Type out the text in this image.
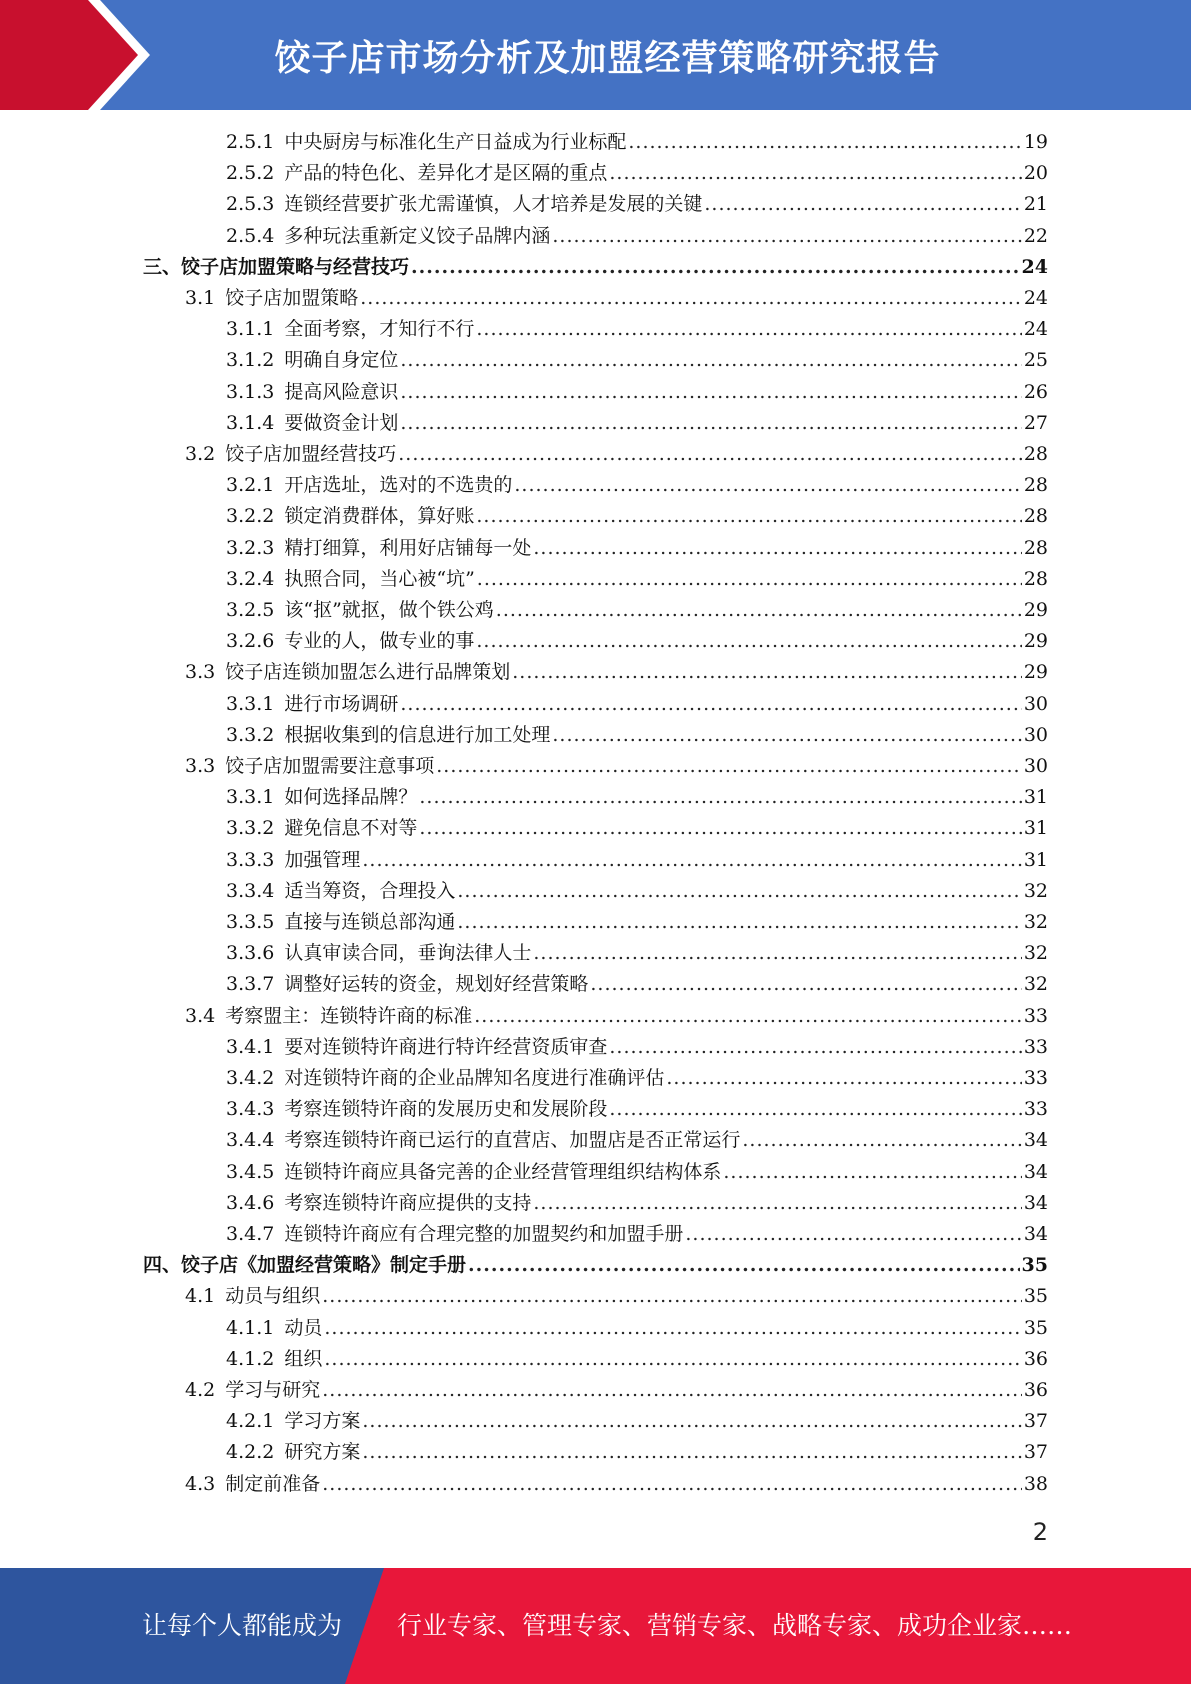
饺子店市场分析及加盟经营策略研究报告
2.5.1 中央厨房与标准化生产日益成为行业标配 .....	19
2.5.2 产品的特色化、差异化才是区隔的重点 .....	20
2.5.3 连锁经营要扩张尤需谨慎，人才培养是发展的关键 .....	21
2.5.4 多种玩法重新定义饺子品牌内涵 .....	22
三、饺子店加盟策略与经营技巧 .....	24
3.1 饺子店加盟策略 .....	24
3.1.1 全面考察，才知行不行 .....	24
3.1.2 明确自身定位 .....	25
3.1.3 提高风险意识 .....	26
3.1.4 要做资金计划 .....	27
3.2 饺子店加盟经营技巧 .....	28
3.2.1 开店选址，选对的不选贵的 .....	28
3.2.2 锁定消费群体，算好账 .....	28
3.2.3 精打细算，利用好店铺每一处 .....	28
3.2.4 执照合同，当心被“坑” .....	28
3.2.5 该“抠”就抠，做个铁公鸡 .....	29
3.2.6 专业的人，做专业的事 .....	29
3.3 饺子店连锁加盟怎么进行品牌策划 .....	29
3.3.1 进行市场调研 .....	30
3.3.2 根据收集到的信息进行加工处理 .....	30
3.3 饺子店加盟需要注意事项 .....	30
3.3.1 如何选择品牌？ .....	31
3.3.2 避免信息不对等 .....	31
3.3.3 加强管理 .....	31
3.3.4 适当筹资，合理投入 .....	32
3.3.5 直接与连锁总部沟通 .....	32
3.3.6 认真审读合同，垂询法律人士 .....	32
3.3.7 调整好运转的资金，规划好经营策略 .....	32
3.4 考察盟主：连锁特许商的标准 .....	33
3.4.1 要对连锁特许商进行特许经营资质审查 .....	33
3.4.2 对连锁特许商的企业品牌知名度进行准确评估 .....	33
3.4.3 考察连锁特许商的发展历史和发展阶段 .....	33
3.4.4 考察连锁特许商已运行的直营店、加盟店是否正常运行 .....	34
3.4.5 连锁特许商应具备完善的企业经营管理组织结构体系 .....	34
3.4.6 考察连锁特许商应提供的支持 .....	34
3.4.7 连锁特许商应有合理完整的加盟契约和加盟手册 .....	34
四、饺子店《加盟经营策略》制定手册 .....	35
4.1 动员与组织 .....	35
4.1.1 动员 .....	35
4.1.2 组织 .....	36
4.2 学习与研究 .....	36
4.2.1 学习方案 .....	37
4.2.2 研究方案 .....	37
4.3 制定前准备 .....	38
2
让每个人都能成为 行业专家、管理专家、营销专家、战略专家、成功企业家……
